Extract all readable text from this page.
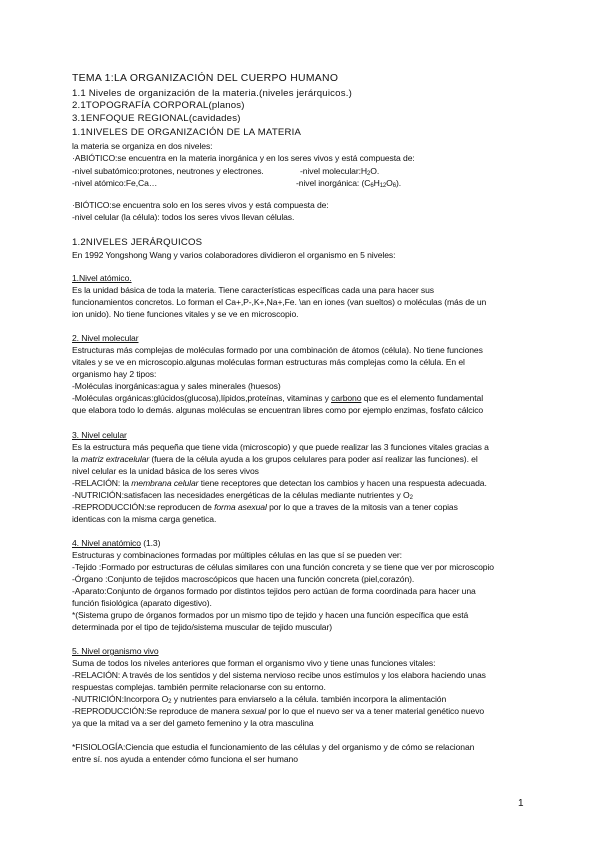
TEMA 1:LA ORGANIZACIÓN DEL CUERPO HUMANO
1.1 Niveles de organización de la materia.(niveles jerárquicos.)
2.1TOPOGRAFÍA CORPORAL(planos)
3.1ENFOQUE REGIONAL(cavidades)
1.1NIVELES DE ORGANIZACIÓN DE LA MATERIA
la materia se organiza en dos niveles:
·ABIÓTICO:se encuentra en la materia inorgánica y en los seres vivos y está compuesta de:
-nivel subatómico:protones, neutrones y electrones.	-nivel molecular:H2O.
-nivel atómico:Fe,Ca…	-nivel inorgánica: (C6H12O6).
·BIÓTICO:se encuentra solo en los seres vivos y está compuesta de:
-nivel celular (la célula): todos los seres vivos llevan células.
1.2NIVELES JERÁRQUICOS
En 1992 Yongshong Wang y varios colaboradores dividieron el organismo en 5 niveles:
1.Nivel atómico.
Es la unidad básica de toda la materia. Tiene características específicas cada una para hacer sus
funcionamientos concretos. Lo forman el Ca+,P-,K+,Na+,Fe. \an en iones (van sueltos) o moléculas (más de un
ion unido). No tiene funciones vitales y se ve en microscopio.
2. Nivel molecular
Estructuras más complejas de moléculas formado por una combinación de átomos (célula). No tiene funciones
vitales y se ve en microscopio.algunas moléculas forman estructuras más complejas como la célula. En el
organismo hay 2 tipos:
-Moléculas inorgánicas:agua y sales minerales (huesos)
-Moléculas orgánicas:glúcidos(glucosa),lípidos,proteínas, vitaminas y carbono que es el elemento fundamental
que elabora todo lo demás. algunas moléculas se encuentran libres como por ejemplo enzimas, fosfato cálcico
3. Nivel celular
Es la estructura más pequeña que tiene vida (microscopio) y que puede realizar las 3 funciones vitales gracias a
la matriz extracelular (fuera de la célula ayuda a los grupos celulares para poder así realizar las funciones). el
nivel celular es la unidad básica de los seres vivos
-RELACIÓN: la membrana celular tiene receptores que detectan los cambios y hacen una respuesta adecuada.
-NUTRICIÓN:satisfacen las necesidades energéticas de la células mediante nutrientes y O2
-REPRODUCCIÓN:se reproducen de forma asexual por lo que a traves de la mitosis van a tener copias
identicas con la misma carga genetica.
4. Nivel anatómico (1.3)
Estructuras y combinaciones formadas por múltiples células en las que sí se pueden ver:
-Tejido :Formado por estructuras de células similares con una función concreta y se tiene que ver por microscopio
-Órgano :Conjunto de tejidos macroscópicos que hacen una función concreta (piel,corazón).
-Aparato:Conjunto de órganos formado por distintos tejidos pero actúan de forma coordinada para hacer una
función fisiológica (aparato digestivo).
*(Sistema grupo de órganos formados por un mismo tipo de tejido y hacen una función específica que está
determinada por el tipo de tejido/sistema muscular de tejido muscular)
5. Nivel organismo vivo
Suma de todos los niveles anteriores que forman el organismo vivo y tiene unas funciones vitales:
-RELACIÓN: A través de los sentidos y del sistema nervioso recibe unos estímulos y los elabora haciendo unas
respuestas complejas. también permite relacionarse con su entorno.
-NUTRICIÓN:Incorpora O2 y nutrientes para enviarselo a la célula. también incorpora la alimentación
-REPRODUCCIÓN:Se reproduce de manera sexual por lo que el nuevo ser va a tener material genético nuevo
ya que la mitad va a ser del gameto femenino y la otra masculina
*FISIOLOGÍA:Ciencia que estudia el funcionamiento de las células y del organismo y de cómo se relacionan
entre sí. nos ayuda a entender cómo funciona el ser humano
1
